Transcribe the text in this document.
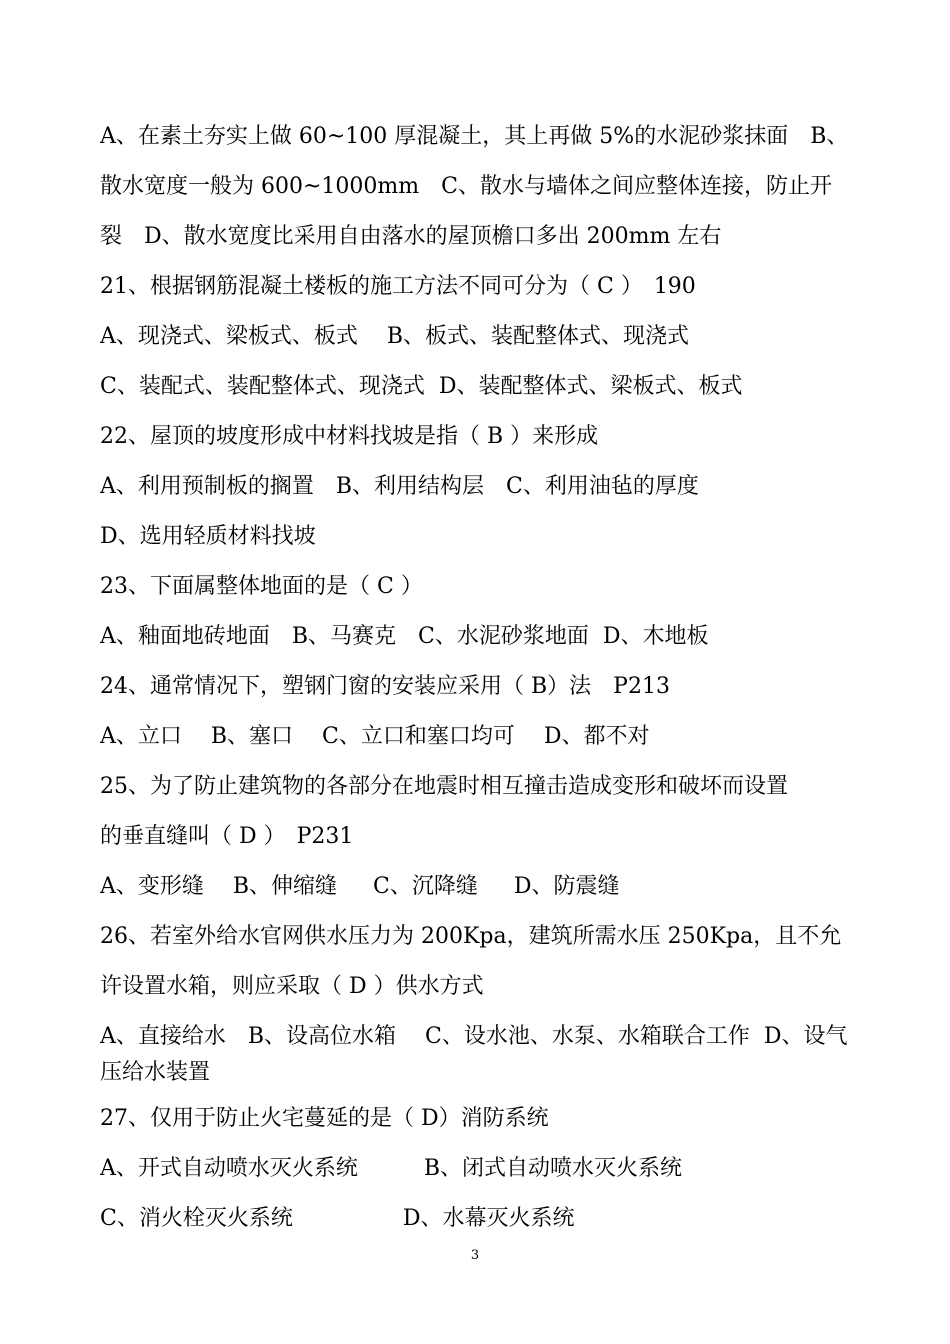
A、在素土夯实上做 60~100 厚混凝土，其上再做 5%的水泥砂浆抹面　B、
散水宽度一般为 600~1000mm　C、散水与墙体之间应整体连接，防止开
裂　D、散水宽度比采用自由落水的屋顶檐口多出 200mm 左右
21、根据钢筋混凝土楼板的施工方法不同可分为（ C ）　190
A、现浇式、梁板式、板式　 B、板式、装配整体式、现浇式
C、装配式、装配整体式、现浇式  D、装配整体式、梁板式、板式
22、屋顶的坡度形成中材料找坡是指（ B ）来形成
A、利用预制板的搁置　B、利用结构层　C、利用油毡的厚度
D、选用轻质材料找坡
23、下面属整体地面的是（ C ）
A、釉面地砖地面　B、马赛克　C、水泥砂浆地面  D、木地板
24、通常情况下，塑钢门窗的安装应采用（ B）法　P213
A、立口　 B、塞口　 C、立口和塞口均可　 D、都不对
25、为了防止建筑物的各部分在地震时相互撞击造成变形和破坏而设置
的垂直缝叫（ D ）　P231
A、变形缝　 B、伸缩缝　  C、沉降缝　  D、防震缝
26、若室外给水官网供水压力为 200Kpa，建筑所需水压 250Kpa，且不允
许设置水箱，则应采取（ D ）供水方式
A、直接给水　B、设高位水箱　 C、设水池、水泵、水箱联合工作  D、设气
压给水装置
27、仅用于防止火宅蔓延的是（ D）消防系统
A、开式自动喷水灭火系统　　　B、闭式自动喷水灭火系统
C、消火栓灭火系统　　　　　D、水幕灭火系统
3
